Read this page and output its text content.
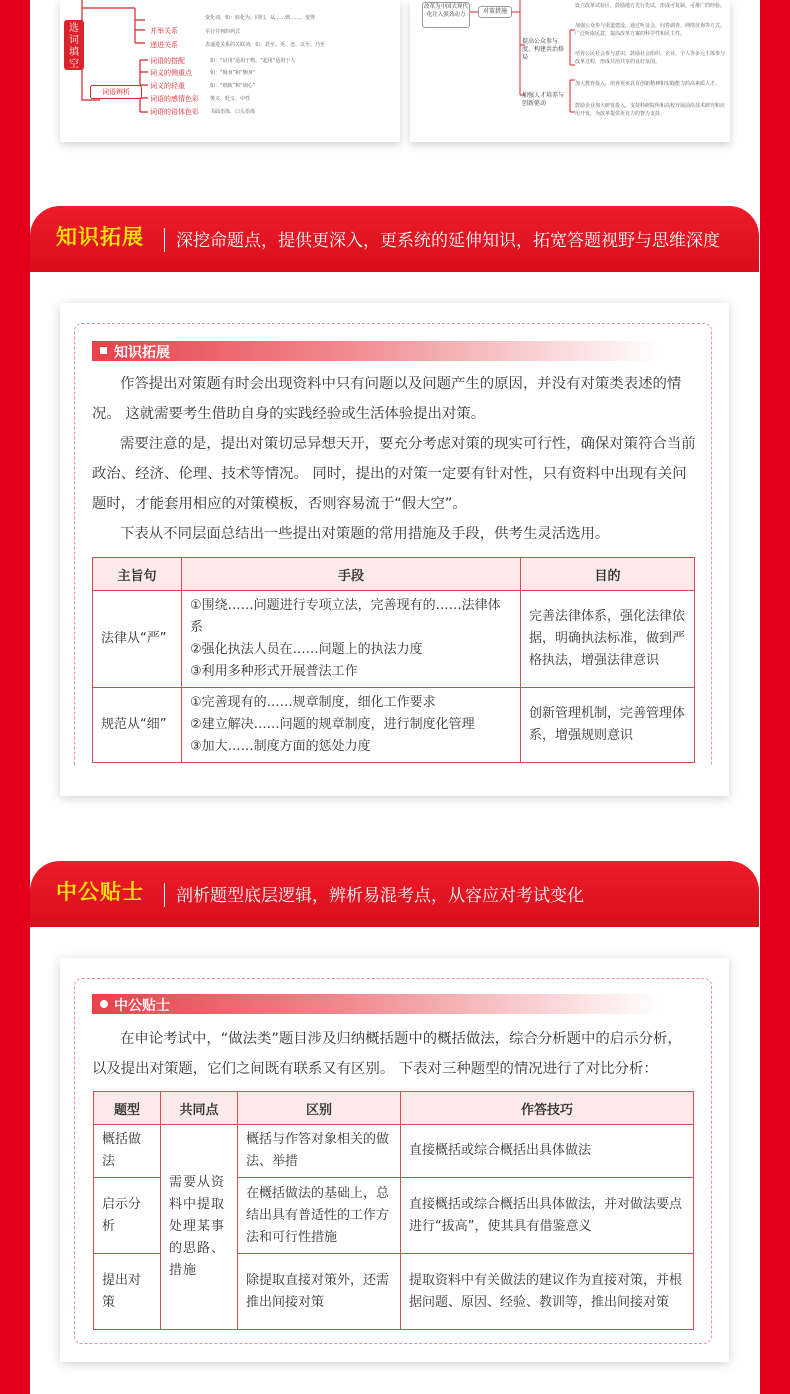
选词填空
变化词、如：转化为、同归、从……到……、变得
并举关系	平行并列的列式
递进关系	表递进关系的关联词，如：甚至、更、还、以至、乃至
词语辨析
词语的搭配	如：“启用”适用于物、“起用”适用于人
词义的侧重点	如：“厕身”和“侧身”
词义的轻重	如：“细致”和“细心”
词语的感情色彩 褒义、贬义、中性
词语的语体色彩 书面语体、口头语体
改革为中国式现代化注入强劲动力	对策措施
设立改革试验区，鼓励地方先行先试，形成可复制、可推广的经验。
提高公众参与度、构建共治格局
加强公众参与渠道建设，通过听证会、问卷调查、网络征询等方式，广泛听取民意，提高改革方案的科学性和民主性。
培养公民社会参与意识，鼓励社会组织、企业、个人等多元主体参与改革过程，形成共治共享的良好氛围。
加强人才培养与创新驱动
加大教育投入，培养更多具有创新精神和实践能力的高素质人才。
鼓励企业加大研发投入，支持科研院所和高校开展前沿技术研究和应用开发，为改革提供更有力的智力支持。
知识拓展 深挖命题点，提供更深入，更系统的延伸知识，拓宽答题视野与思维深度
知识拓展

作答提出对策题有时会出现资料中只有问题以及问题产生的原因，并没有对策类表述的情况。 这就需要考生借助自身的实践经验或生活体验提出对策。

需要注意的是，提出对策切忌异想天开，要充分考虑对策的现实可行性，确保对策符合当前政治、经济、伦理、技术等情况。 同时，提出的对策一定要有针对性，只有资料中出现有关问题时，才能套用相应的对策模板，否则容易流于“假大空”。

下表从不同层面总结出一些提出对策题的常用措施及手段，供考生灵活选用。

主旨句	手段	目的
法律从“严”	①围绕……问题进行专项立法，完善现有的……法律体系
②强化执法人员在……问题上的执法力度
③利用多种形式开展普法工作	完善法律体系，强化法律依据，明确执法标准，做到严格执法，增强法律意识
规范从“细”	①完善现有的……规章制度，细化工作要求
②建立解决……问题的规章制度，进行制度化管理
③加大……制度方面的惩处力度	创新管理机制，完善管理体系，增强规则意识
中公贴士 剖析题型底层逻辑，辨析易混考点，从容应对考试变化
中公贴士

在申论考试中，“做法类”题目涉及归纳概括题中的概括做法，综合分析题中的启示分析，以及提出对策题，它们之间既有联系又有区别。 下表对三种题型的情况进行了对比分析：

题型	共同点	区别	作答技巧
概括做法	需要从资料中提取处理某事的思路、措施	概括与作答对象相关的做法、举措	直接概括或综合概括出具体做法
启示分析		在概括做法的基础上，总结出具有普适性的工作方法和可行性措施	直接概括或综合概括出具体做法，并对做法要点进行“拔高”，使其具有借鉴意义
提出对策		除提取直接对策外，还需推出间接对策	提取资料中有关做法的建议作为直接对策，并根据问题、原因、经验、教训等，推出间接对策
